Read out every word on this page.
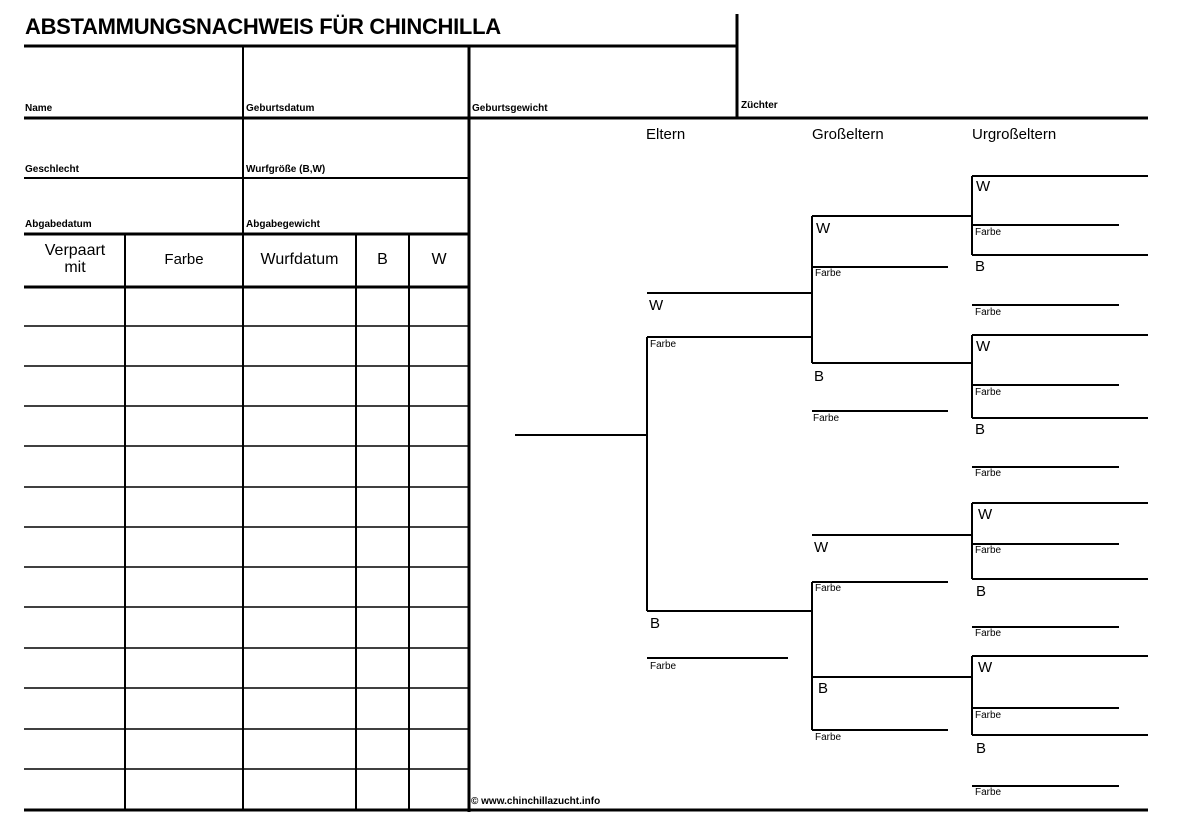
ABSTAMMUNGSNACHWEIS FÜR CHINCHILLA
Name	Geburtsdatum	Geburtsgewicht	Züchter
Geschlecht	Wurfgröße (B,W)
Abgabedatum	Abgabegewicht
Verpaart
mit	Farbe	Wurfdatum	B	W
Eltern	Großeltern	Urgroßeltern
W
Farbe
B
Farbe
W
Farbe
B
Farbe
W
Farbe
B
Farbe
W
Farbe
B
Farbe
W
Farbe
B
Farbe
W
Farbe
B
Farbe
W
Farbe
B
Farbe
© www.chinchillazucht.info
